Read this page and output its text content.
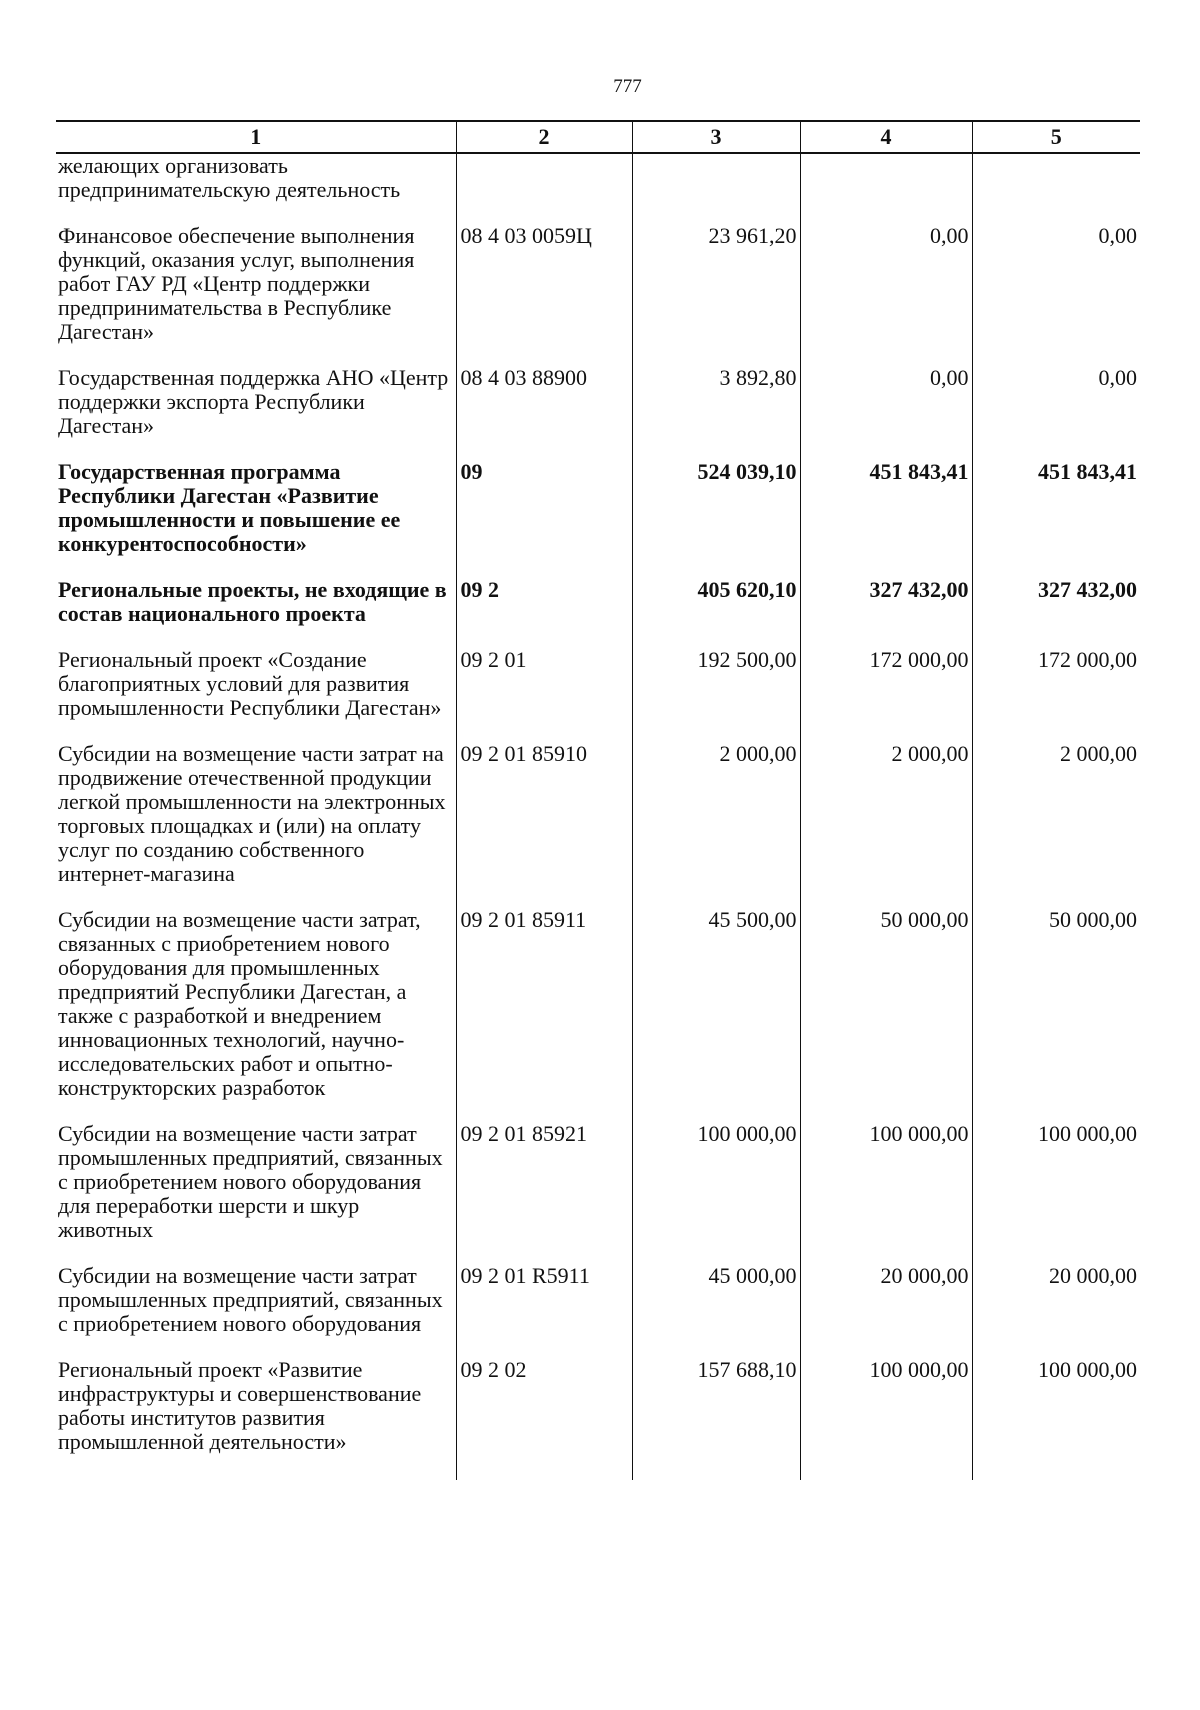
777
1	2	3	4	5
желающих организовать предпринимательскую деятельность				
Финансовое обеспечение выполнения функций, оказания услуг, выполнения работ ГАУ РД «Центр поддержки предпринимательства в Республике Дагестан»	08 4 03 0059Ц	23 961,20	0,00	0,00
Государственная поддержка АНО «Центр поддержки экспорта Республики Дагестан»	08 4 03 88900	3 892,80	0,00	0,00
Государственная программа Республики Дагестан «Развитие промышленности и повышение ее конкурентоспособности»	09	524 039,10	451 843,41	451 843,41
Региональные проекты, не входящие в состав национального проекта	09 2	405 620,10	327 432,00	327 432,00
Региональный проект «Создание благоприятных условий для развития промышленности Республики Дагестан»	09 2 01	192 500,00	172 000,00	172 000,00
Субсидии на возмещение части затрат на продвижение отечественной продукции легкой промышленности на электронных торговых площадках и (или) на оплату услуг по созданию собственного интернет-магазина	09 2 01 85910	2 000,00	2 000,00	2 000,00
Субсидии на возмещение части затрат, связанных с приобретением нового оборудования для промышленных предприятий Республики Дагестан, а также с разработкой и внедрением инновационных технологий, научно-исследовательских работ и опытно-конструкторских разработок	09 2 01 85911	45 500,00	50 000,00	50 000,00
Субсидии на возмещение части затрат промышленных предприятий, связанных с приобретением нового оборудования для переработки шерсти и шкур животных	09 2 01 85921	100 000,00	100 000,00	100 000,00
Субсидии на возмещение части затрат промышленных предприятий, связанных с приобретением нового оборудования	09 2 01 R5911	45 000,00	20 000,00	20 000,00
Региональный проект «Развитие инфраструктуры и совершенствование работы институтов развития промышленной деятельности»	09 2 02	157 688,10	100 000,00	100 000,00
